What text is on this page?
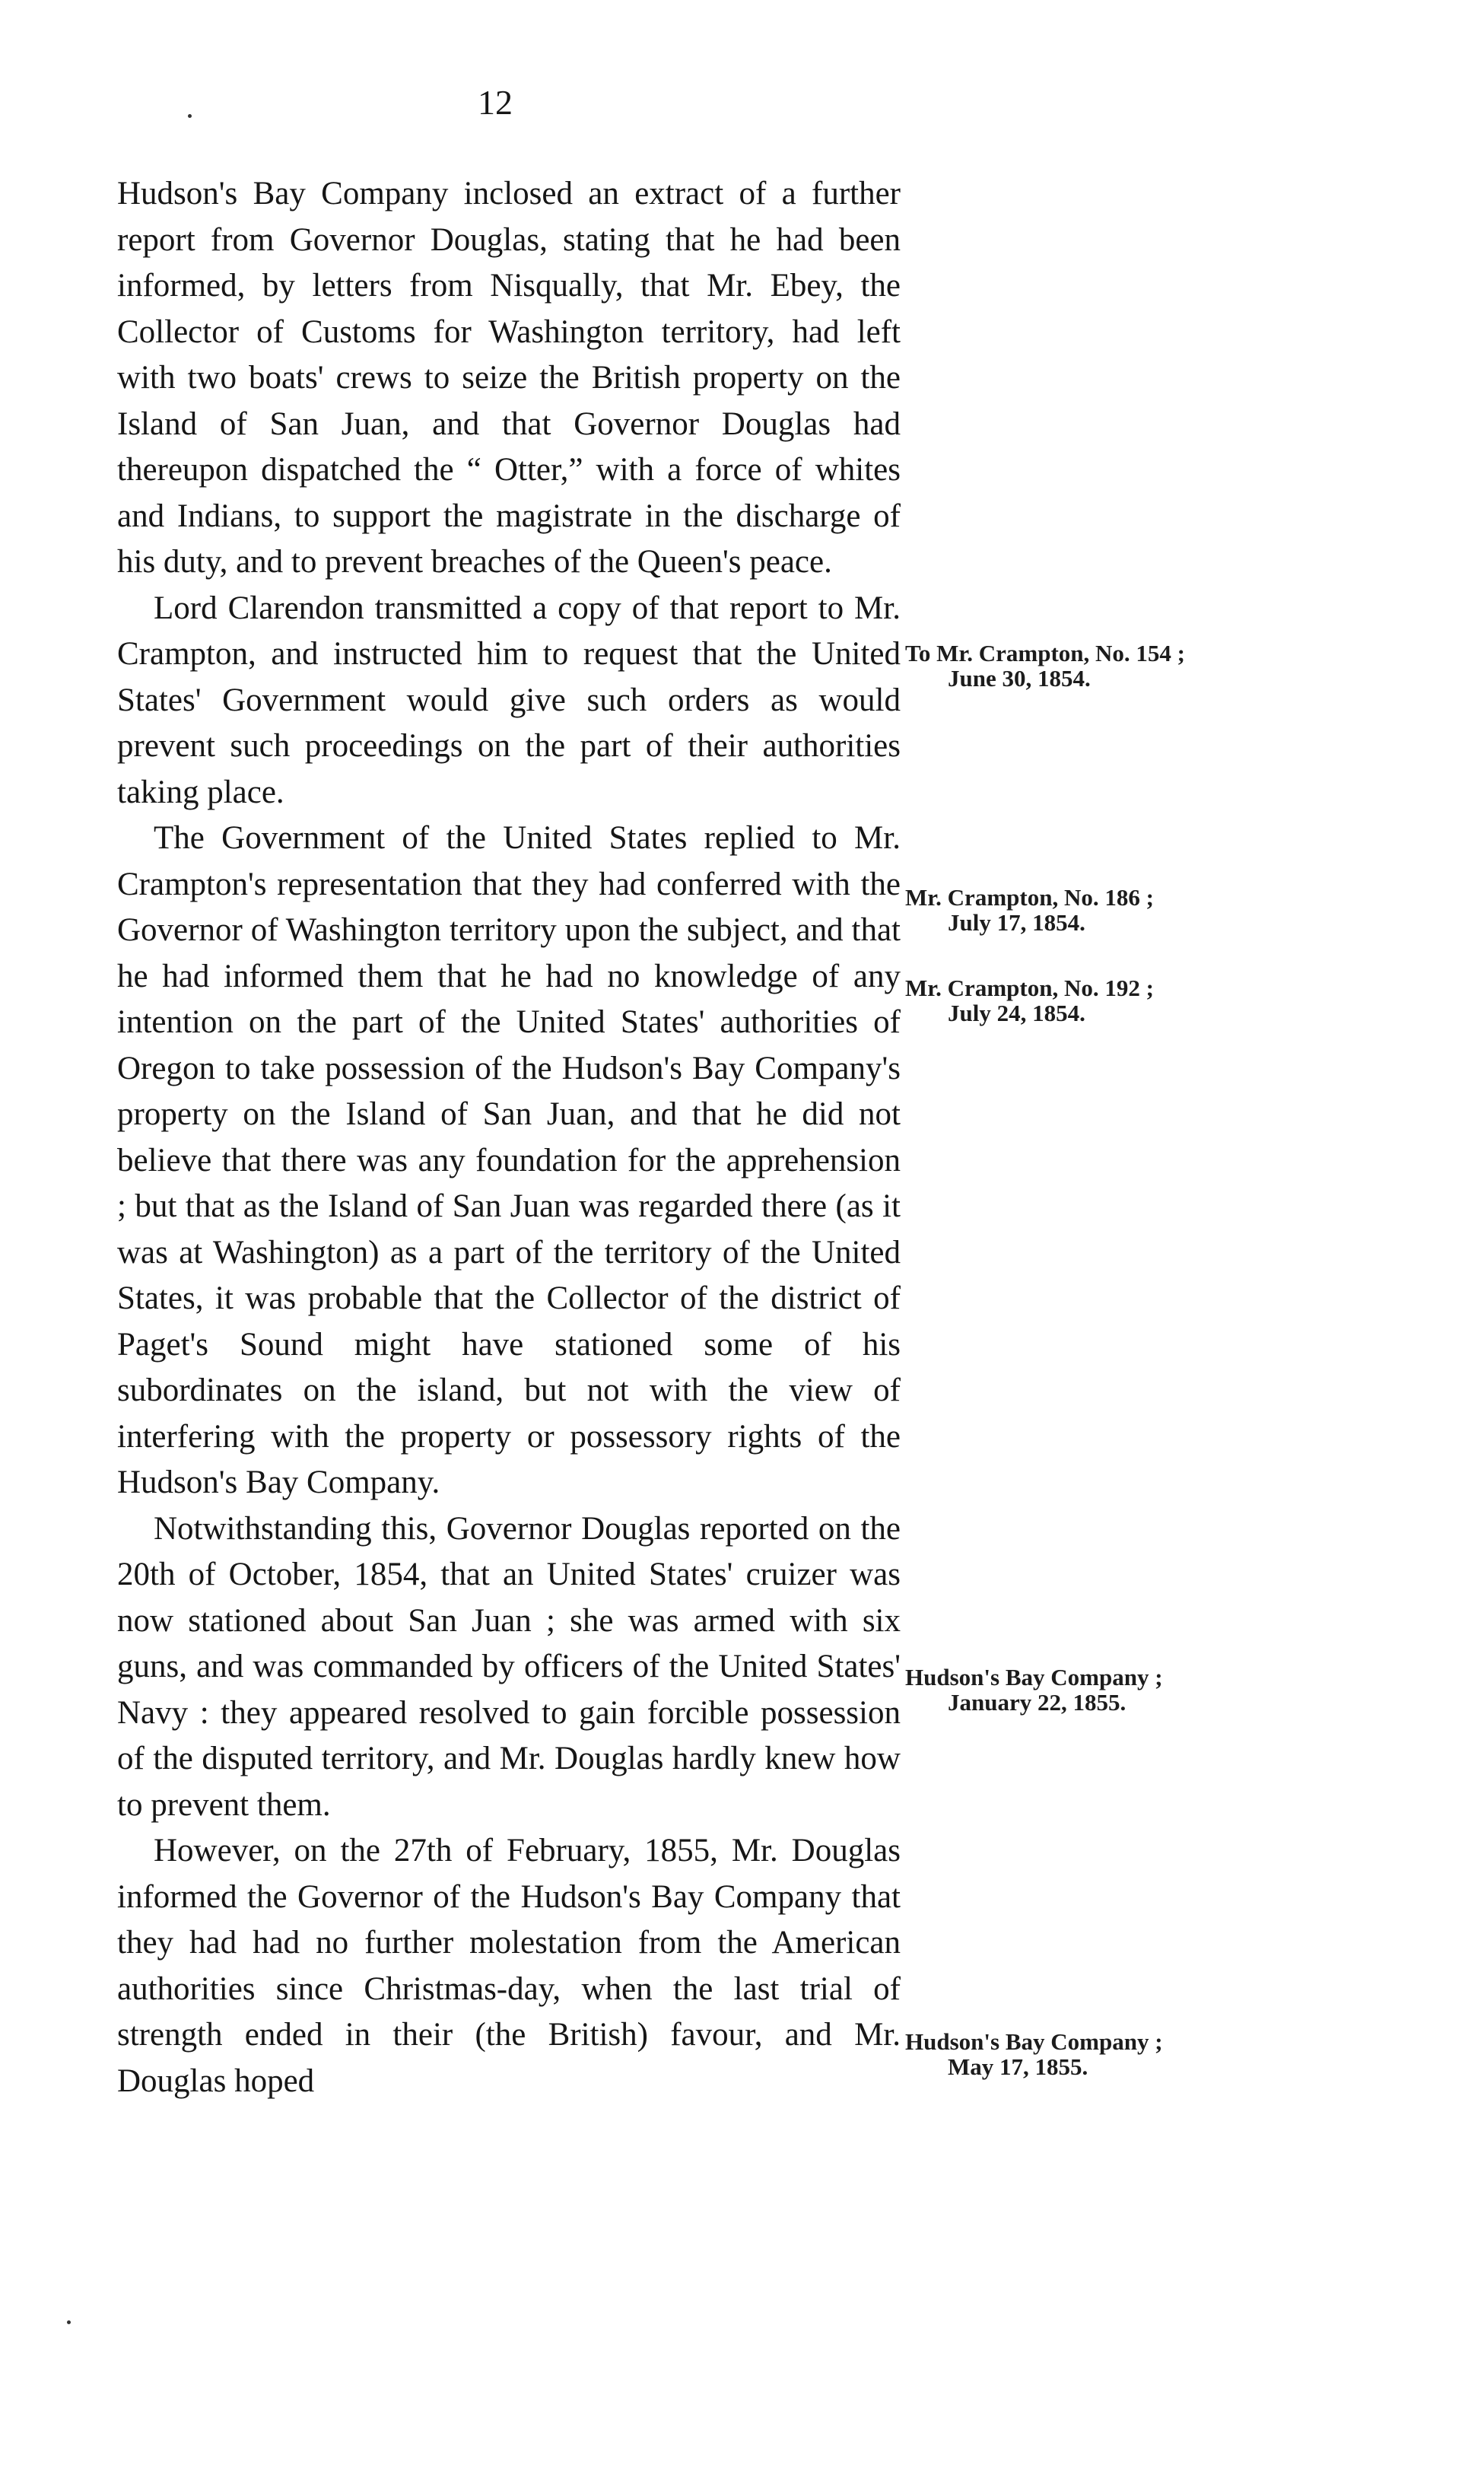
12

Hudson's Bay Company inclosed an extract of a further report from Governor Douglas, stating that he had been informed, by letters from Nisqually, that Mr. Ebey, the Collector of Customs for Washington territory, had left with two boats' crews to seize the British property on the Island of San Juan, and that Governor Douglas had thereupon dispatched the “ Otter,” with a force of whites and Indians, to support the magistrate in the discharge of his duty, and to prevent breaches of the Queen's peace.

Lord Clarendon transmitted a copy of that report to Mr. Crampton, and instructed him to request that the United States' Government would give such orders as would prevent such proceedings on the part of their authorities taking place.

The Government of the United States replied to Mr. Crampton's representation that they had conferred with the Governor of Washington territory upon the subject, and that he had informed them that he had no knowledge of any intention on the part of the United States' authorities of Oregon to take possession of the Hudson's Bay Company's property on the Island of San Juan, and that he did not believe that there was any foundation for the apprehension ; but that as the Island of San Juan was regarded there (as it was at Washington) as a part of the territory of the United States, it was probable that the Collector of the district of Paget's Sound might have stationed some of his subordinates on the island, but not with the view of interfering with the property or possessory rights of the Hudson's Bay Company.

Notwithstanding this, Governor Douglas reported on the 20th of October, 1854, that an United States' cruizer was now stationed about San Juan ; she was armed with six guns, and was commanded by officers of the United States' Navy : they appeared resolved to gain forcible possession of the disputed territory, and Mr. Douglas hardly knew how to prevent them.

However, on the 27th of February, 1855, Mr. Douglas informed the Governor of the Hudson's Bay Company that they had had no further molestation from the American authorities since Christmas-day, when the last trial of strength ended in their (the British) favour, and Mr. Douglas hoped

To Mr. Crampton, No. 154 ;
June 30, 1854.
Mr. Crampton, No. 186 ;
July 17, 1854.
Mr. Crampton, No. 192 ;
July 24, 1854.
Hudson's Bay Company ;
January 22, 1855.
Hudson's Bay Company ;
May 17, 1855.
